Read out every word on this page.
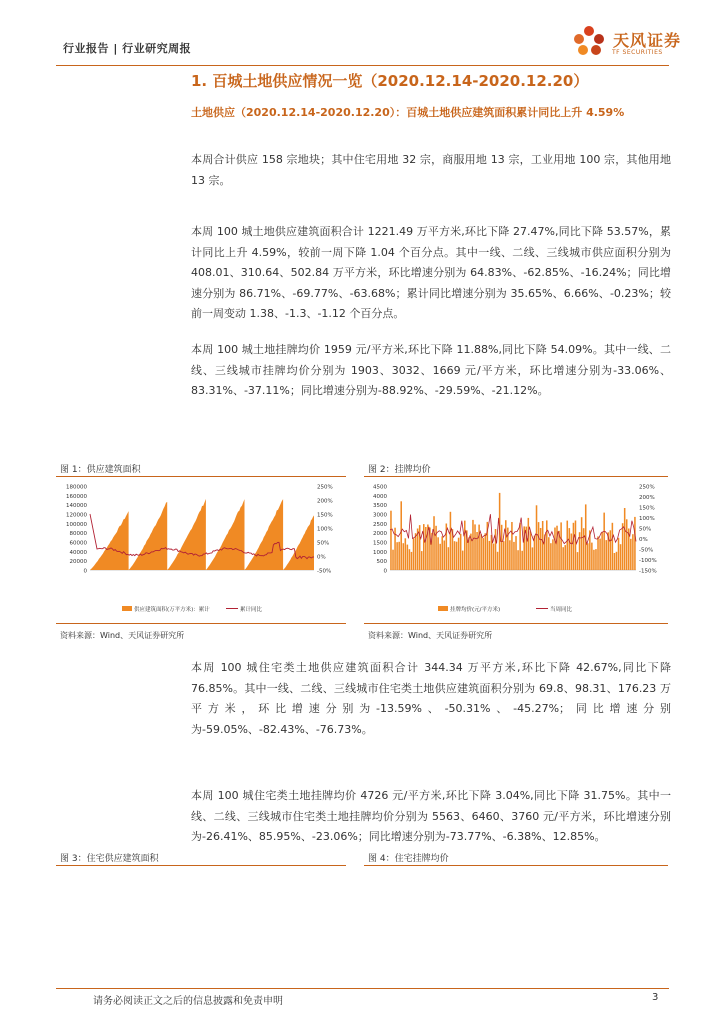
行业报告 | 行业研究周报	天风证券
TF SECURITIES
1. 百城土地供应情况一览（2020.12.14-2020.12.20）
土地供应（2020.12.14-2020.12.20）：百城土地供应建筑面积累计同比上升 4.59%
本周合计供应 158 宗地块；其中住宅用地 32 宗，商服用地 13 宗，工业用地 100 宗，其他用地 13 宗。
本周 100 城土地供应建筑面积合计 1221.49 万平方米,环比下降 27.47%,同比下降 53.57%，累计同比上升 4.59%，较前一周下降 1.04 个百分点。其中一线、二线、三线城市供应面积分别为 408.01、310.64、502.84 万平方米，环比增速分别为 64.83%、-62.85%、-16.24%；同比增速分别为 86.71%、-69.77%、-63.68%；累计同比增速分别为 35.65%、6.66%、-0.23%；较前一周变动 1.38、-1.3、-1.12 个百分点。
本周 100 城土地挂牌均价 1959 元/平方米,环比下降 11.88%,同比下降 54.09%。其中一线、二线、三线城市挂牌均价分别为 1903、3032、1669 元/平方米，环比增速分别为-33.06%、83.31%、-37.11%；同比增速分别为-88.92%、-29.59%、-21.12%。
图 1：供应建筑面积
180000
160000
140000
120000
100000
80000
60000
40000
20000
0
250%
200%
150%
100%
50%
0%
-50%
供应建筑面积(万平方米)：累计	累计同比
资料来源：Wind、天风证券研究所
图 2：挂牌均价
4500
4000
3500
3000
2500
2000
1500
1000
500
0
250%
200%
150%
100%
50%
0%
-50%
-100%
-150%
挂牌均价(元/平方米)	当周同比
资料来源：Wind、天风证券研究所
本周 100 城住宅类土地供应建筑面积合计 344.34 万平方米,环比下降 42.67%,同比下降 76.85%。其中一线、二线、三线城市住宅类土地供应建筑面积分别为 69.8、98.31、176.23 万平方米，环比增速分别为-13.59%、-50.31%、-45.27%；同比增速分别为-59.05%、-82.43%、-76.73%。
本周 100 城住宅类土地挂牌均价 4726 元/平方米,环比下降 3.04%,同比下降 31.75%。其中一线、二线、三线城市住宅类土地挂牌均价分别为 5563、6460、3760 元/平方米，环比增速分别为-26.41%、85.95%、-23.06%；同比增速分别为-73.77%、-6.38%、12.85%。
图 3：住宅供应建筑面积	图 4：住宅挂牌均价
请务必阅读正文之后的信息披露和免责申明	3
